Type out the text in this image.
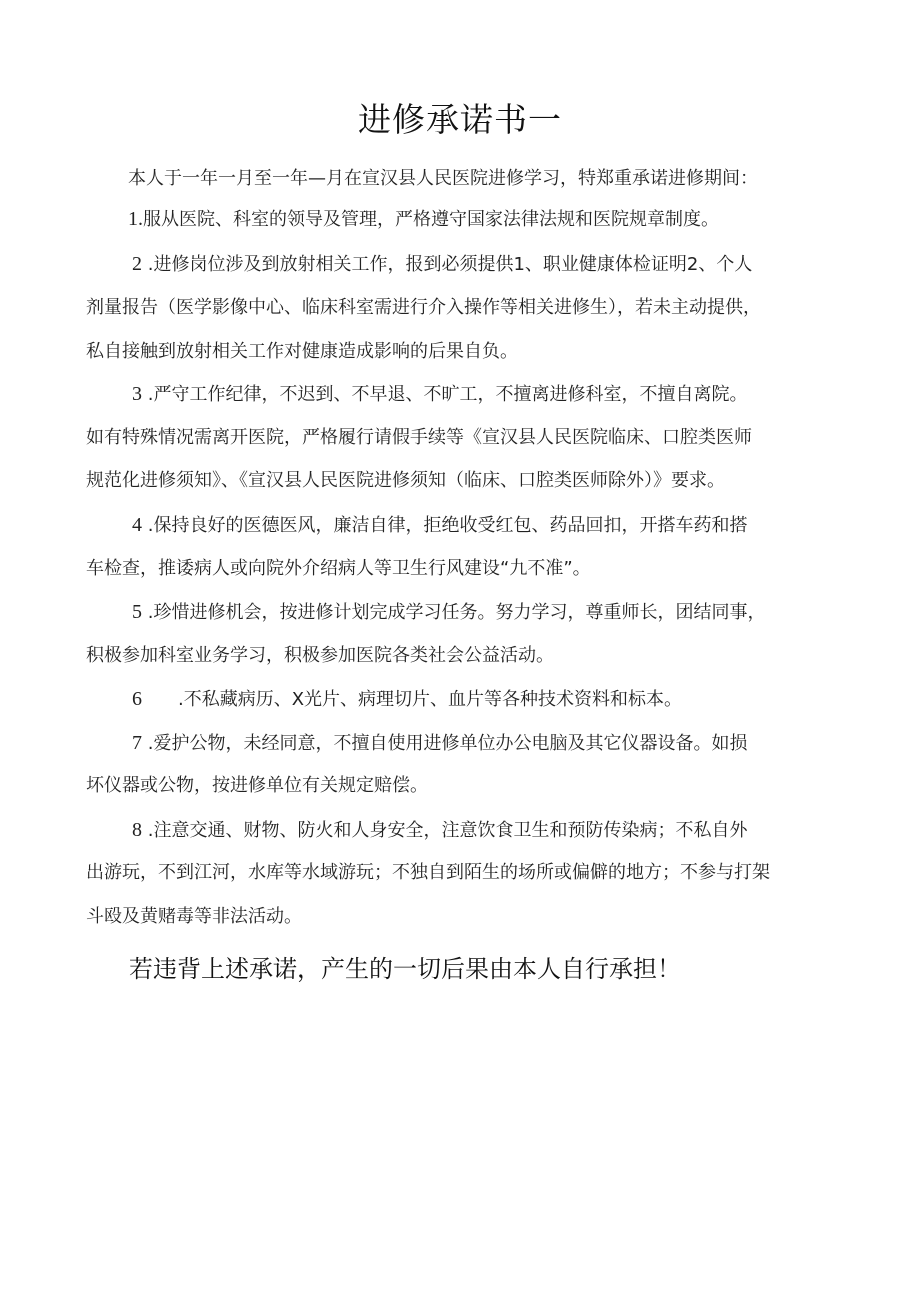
进修承诺书一
本人于一年一月至一年—月在宣汉县人民医院进修学习，特郑重承诺进修期间：
1.服从医院、科室的领导及管理，严格遵守国家法律法规和医院规章制度。
2 .进修岗位涉及到放射相关工作，报到必须提供1、职业健康体检证明2、个人
剂量报告（医学影像中心、临床科室需进行介入操作等相关进修生），若未主动提供，
私自接触到放射相关工作对健康造成影响的后果自负。
3 .严守工作纪律，不迟到、不早退、不旷工，不擅离进修科室，不擅自离院。
如有特殊情况需离开医院，严格履行请假手续等《宣汉县人民医院临床、口腔类医师
规范化进修须知》、《宣汉县人民医院进修须知（临床、口腔类医师除外）》要求。
4 .保持良好的医德医风，廉洁自律，拒绝收受红包、药品回扣，开搭车药和搭
车检查，推诿病人或向院外介绍病人等卫生行风建设“九不准”。
5 .珍惜进修机会，按进修计划完成学习任务。努力学习，尊重师长，团结同事，
积极参加科室业务学习，积极参加医院各类社会公益活动。
6 .不私藏病历、X光片、病理切片、血片等各种技术资料和标本。
7 .爱护公物，未经同意，不擅自使用进修单位办公电脑及其它仪器设备。如损
坏仪器或公物，按进修单位有关规定赔偿。
8 .注意交通、财物、防火和人身安全，注意饮食卫生和预防传染病；不私自外
出游玩，不到江河，水库等水域游玩；不独自到陌生的场所或偏僻的地方；不参与打架
斗殴及黄赌毒等非法活动。
若违背上述承诺，产生的一切后果由本人自行承担！
